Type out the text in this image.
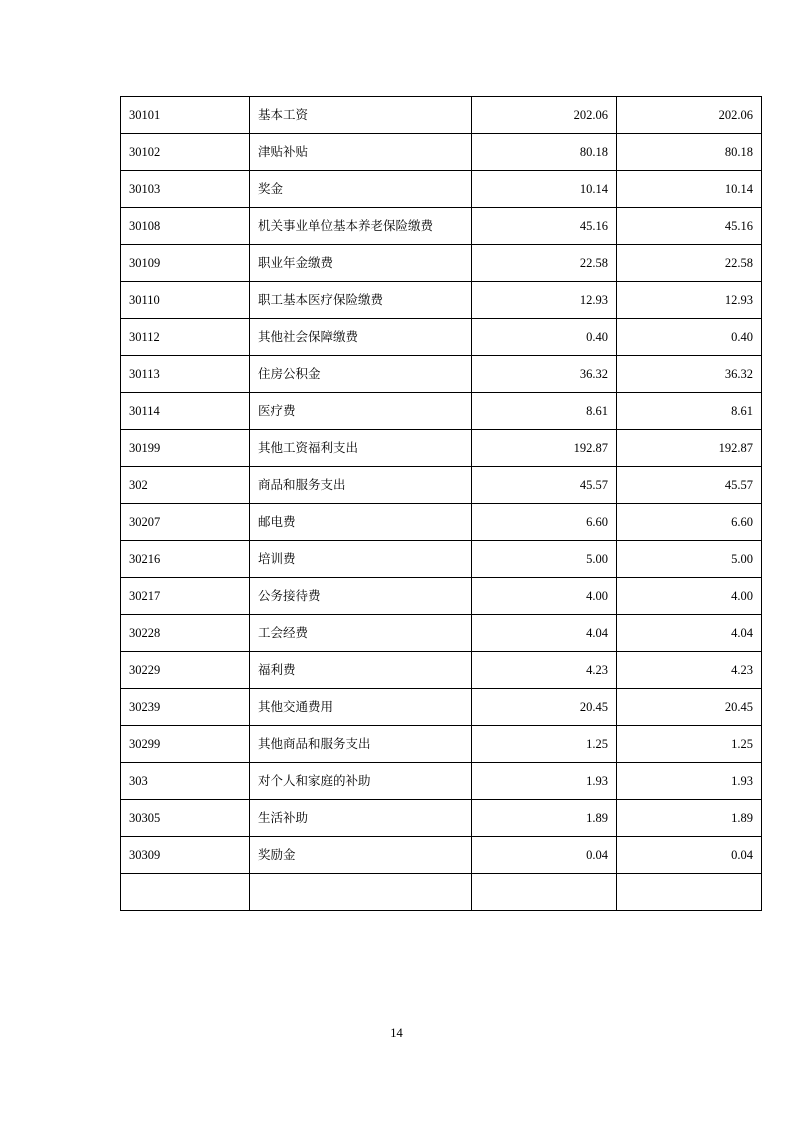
30101	基本工资	202.06	202.06
30102	津贴补贴	80.18	80.18
30103	奖金	10.14	10.14
30108	机关事业单位基本养老保险缴费	45.16	45.16
30109	职业年金缴费	22.58	22.58
30110	职工基本医疗保险缴费	12.93	12.93
30112	其他社会保障缴费	0.40	0.40
30113	住房公积金	36.32	36.32
30114	医疗费	8.61	8.61
30199	其他工资福利支出	192.87	192.87
302	商品和服务支出	45.57	45.57
30207	邮电费	6.60	6.60
30216	培训费	5.00	5.00
30217	公务接待费	4.00	4.00
30228	工会经费	4.04	4.04
30229	福利费	4.23	4.23
30239	其他交通费用	20.45	20.45
30299	其他商品和服务支出	1.25	1.25
303	对个人和家庭的补助	1.93	1.93
30305	生活补助	1.89	1.89
30309	奖励金	0.04	0.04

14
